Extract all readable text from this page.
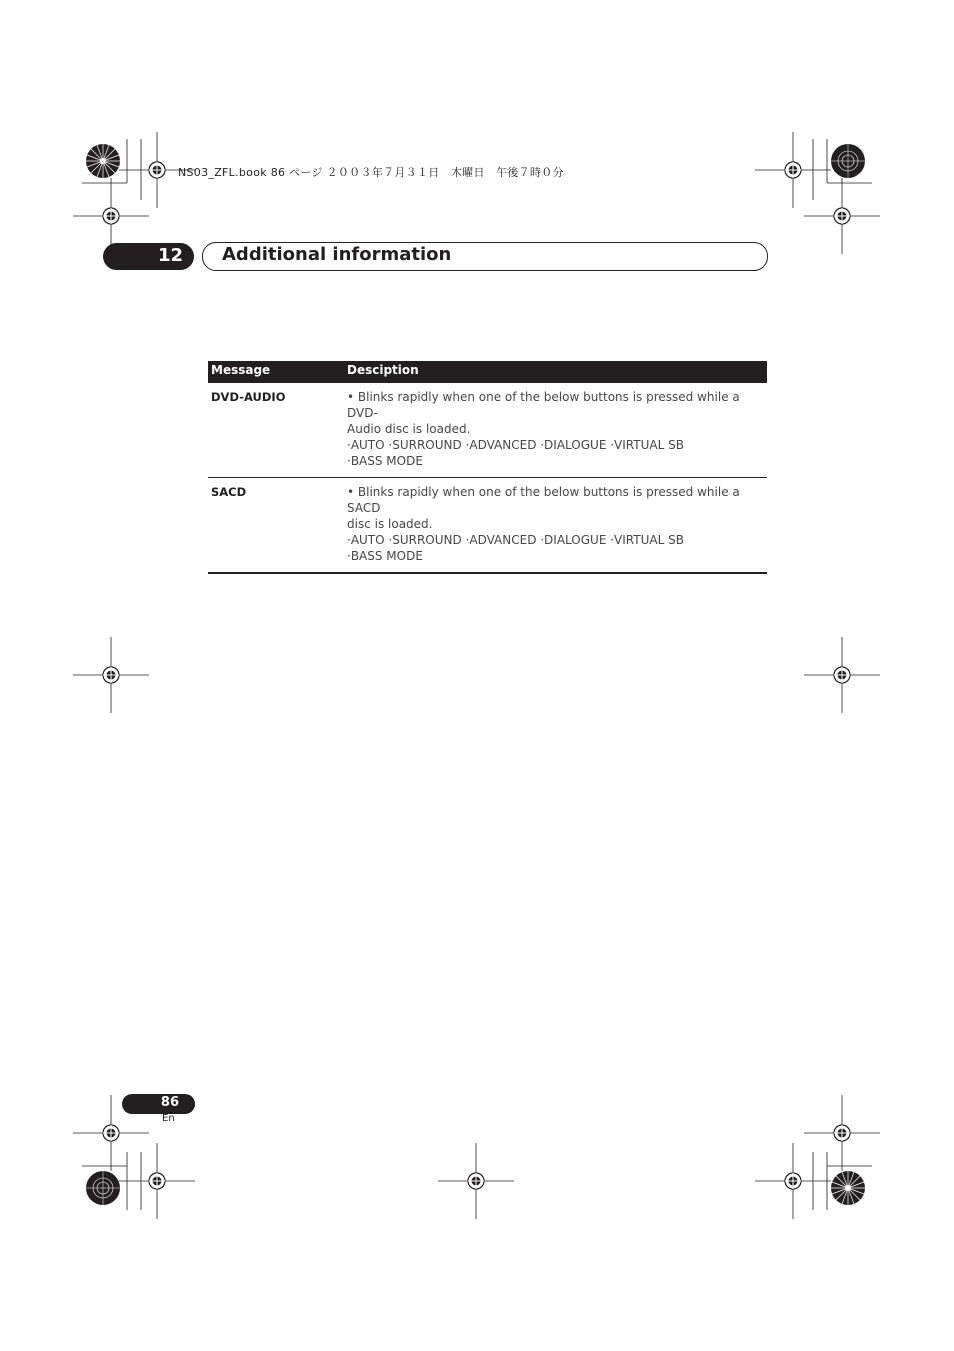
NS03_ZFL.book 86 ページ ２００３年７月３１日　木曜日　午後７時０分
12 Additional information
Message	Desciption
DVD-AUDIO	• Blinks rapidly when one of the below buttons is pressed while a DVD-
Audio disc is loaded.
·AUTO ·SURROUND ·ADVANCED ·DIALOGUE ·VIRTUAL SB
·BASS MODE

SACD	• Blinks rapidly when one of the below buttons is pressed while a SACD
disc is loaded.
·AUTO ·SURROUND ·ADVANCED ·DIALOGUE ·VIRTUAL SB
·BASS MODE
86
En
